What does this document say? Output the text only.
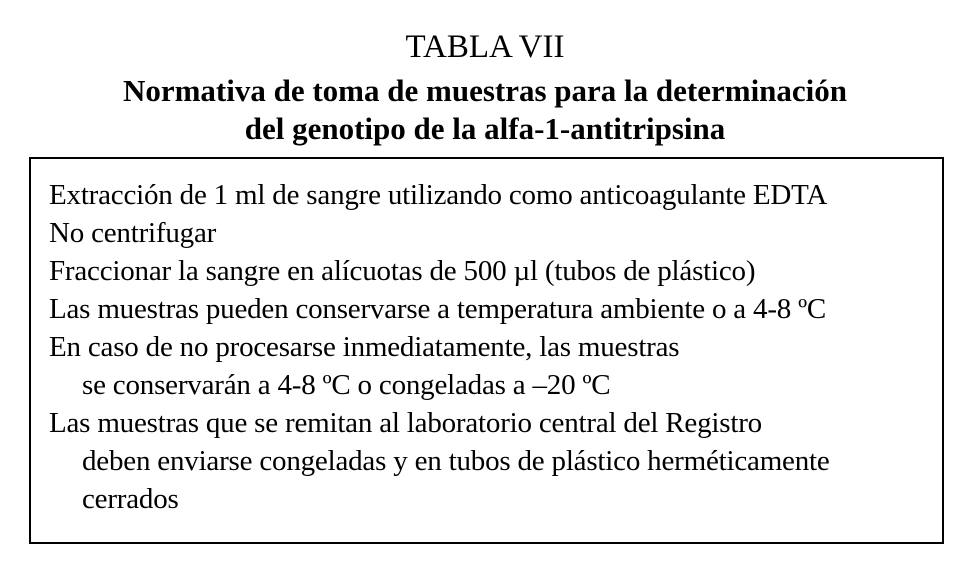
TABLA VII
Normativa de toma de muestras para la determinación
del genotipo de la alfa-1-antitripsina
Extracción de 1 ml de sangre utilizando como anticoagulante EDTA
No centrifugar
Fraccionar la sangre en alícuotas de 500 µl (tubos de plástico)
Las muestras pueden conservarse a temperatura ambiente o a 4-8 ºC
En caso de no procesarse inmediatamente, las muestras
se conservarán a 4-8 ºC o congeladas a –20 ºC
Las muestras que se remitan al laboratorio central del Registro
deben enviarse congeladas y en tubos de plástico herméticamente
cerrados
